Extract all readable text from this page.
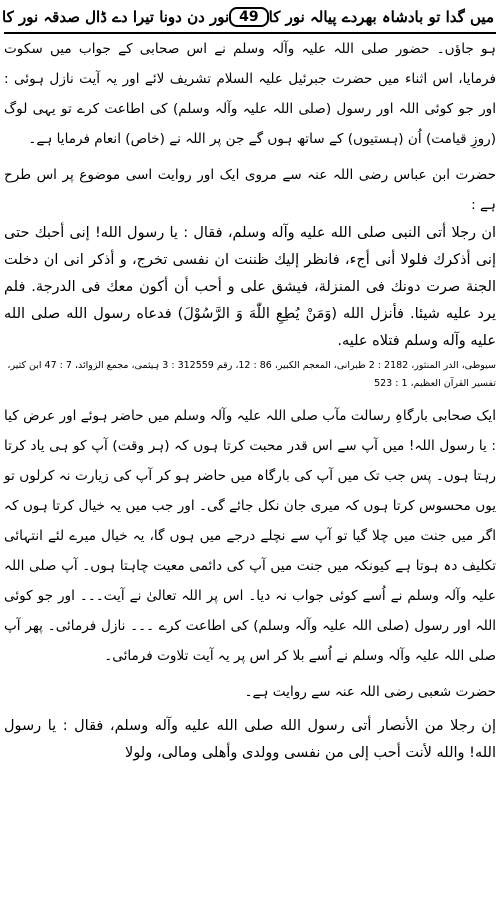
میں گدا تو بادشاہ بھردے پیالہ نور کا
49
نور دن دونا تیرا دے ڈال صدقہ نور کا

ہو جاؤں۔ حضور صلی اللہ علیہ وآلہ وسلم نے اس صحابی کے جواب میں سکوت فرمایا، اس اثناء میں حضرت جبرئیل علیہ السلام تشریف لائے اور یہ آیت نازل ہوئی : اور جو کوئی اللہ اور رسول (صلی اللہ علیہ وآلہ وسلم) کی اطاعت کرے تو یہی لوگ (روزِ قیامت) اُن (ہستیوں) کے ساتھ ہوں گے جن پر اللہ نے (خاص) انعام فرمایا ہے۔

حضرت ابن عباس رضی اللہ عنہ سے مروی ایک اور روایت اسی موضوع پر اس طرح ہے :

ان رجلا أتى النبى صلى الله عليه وآله وسلم، فقال : يا رسول الله! إنى أحبك حتى إنى أذكرك فلولا أنى أجء، فانظر إليك ظننت ان نفسى تخرج، و أذكر انى ان دخلت الجنة صرت دونك فى المنزلة، فيشق على و أحب أن أكون معك فى الدرجة. فلم يرد عليه شيئا. فأنزل الله (وَمَنْ يُطِعِ اللّٰهَ وَ الرَّسُوْلَ) فدعاه رسول الله صلى الله عليه وآله وسلم فتلاه عليه.

سیوطی، الدر المنثور، 2182 : 2 طبرانی، المعجم الکبیر، 86 : 12، رقم 312559 : 3 ہیثمی، مجمع الزوائد، 7 : 47 ابن کثیر، تفسیر القرآن العظیم، 1 : 523

ایک صحابی بارگاہِ رسالت مآب صلی اللہ علیہ وآلہ وسلم میں حاضر ہوئے اور عرض کیا : یا رسول اللہ! میں آپ سے اس قدر محبت کرتا ہوں کہ (ہر وقت) آپ کو ہی یاد کرتا رہتا ہوں۔ پس جب تک میں آپ کی بارگاہ میں حاضر ہو کر آپ کی زیارت نہ کرلوں تو یوں محسوس کرتا ہوں کہ میری جان نکل جائے گی۔ اور جب میں یہ خیال کرتا ہوں کہ اگر میں جنت میں چلا گیا تو آپ سے نچلے درجے میں ہوں گا، یہ خیال میرے لئے انتہائی تکلیف دہ ہوتا ہے کیونکہ میں جنت میں آپ کی دائمی معیت چاہتا ہوں۔ آپ صلی اللہ علیہ وآلہ وسلم نے اُسے کوئی جواب نہ دیا۔ اس پر اللہ تعالیٰ نے آیت۔۔۔ اور جو کوئی اللہ اور رسول (صلی اللہ علیہ وآلہ وسلم) کی اطاعت کرے ۔۔۔ نازل فرمائی۔ پھر آپ صلی اللہ علیہ وآلہ وسلم نے اُسے بلا کر اس پر یہ آیت تلاوت فرمائی۔

حضرت شعبی رضی اللہ عنہ سے روایت ہے۔

إن رجلا من الأنصار أتى رسول الله صلى الله عليه وآله وسلم، فقال : يا رسول الله! والله لأنت أحب إلى من نفسى وولدى وأهلى ومالى، ولولا
